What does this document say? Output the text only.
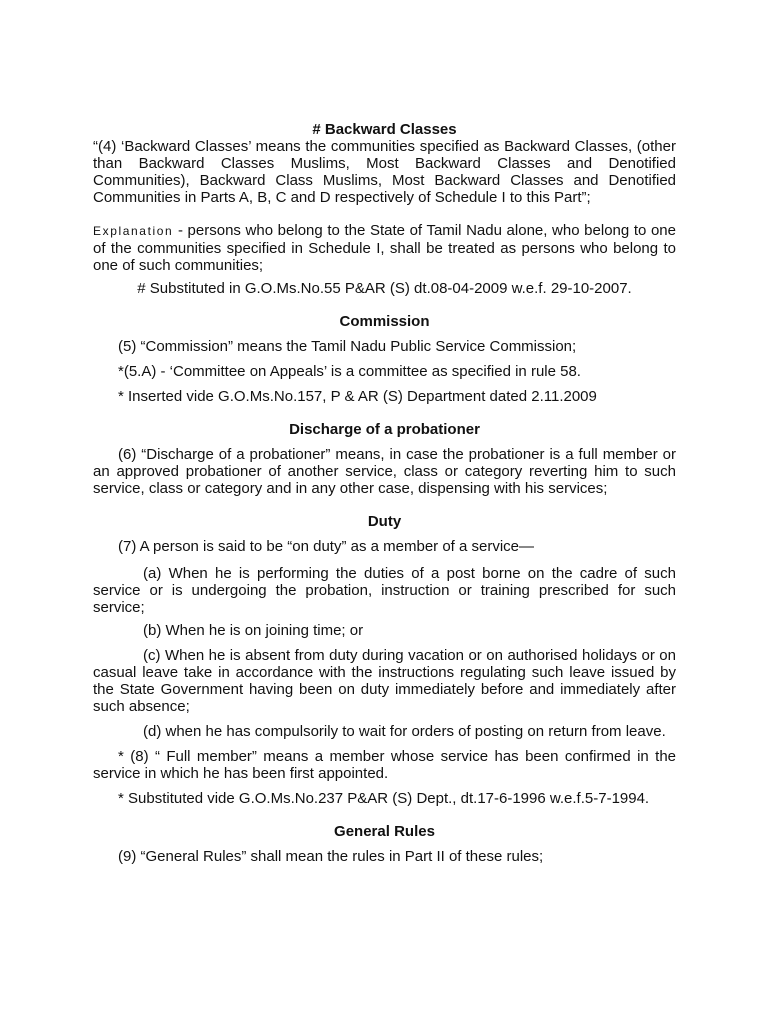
# Backward Classes

“(4) ‘Backward Classes’ means the communities specified as Backward Classes, (other than Backward Classes Muslims, Most Backward Classes and Denotified Communities), Backward Class Muslims, Most Backward Classes and Denotified Communities in Parts A, B, C and D respectively of Schedule I to this Part”;

Explanation - persons who belong to the State of Tamil Nadu alone, who belong to one of the communities specified in Schedule I, shall be treated as persons who belong to one of such communities;

# Substituted in G.O.Ms.No.55 P&AR (S) dt.08-04-2009 w.e.f. 29-10-2007.

Commission

(5) “Commission” means the Tamil Nadu Public Service Commission;

*(5.A) - ‘Committee on Appeals’ is a committee as specified in rule 58.

* Inserted vide G.O.Ms.No.157, P & AR (S) Department dated 2.11.2009

Discharge of a probationer

(6) “Discharge of a probationer” means, in case the probationer is a full member or an approved probationer of another service, class or category reverting him to such service, class or category and in any other case, dispensing with his services;

Duty

(7) A person is said to be “on duty” as a member of a service—

(a) When he is performing the duties of a post borne on the cadre of such service or is undergoing the probation, instruction or training prescribed for such service;

(b) When he is on joining time; or

(c) When he is absent from duty during vacation or on authorised holidays or on casual leave take in accordance with the instructions regulating such leave issued by the State Government having been on duty immediately before and immediately after such absence;

(d) when he has compulsorily to wait for orders of posting on return from leave.

* (8) “ Full member” means a member whose service has been confirmed in the service in which he has been first appointed.

* Substituted vide G.O.Ms.No.237 P&AR (S) Dept., dt.17-6-1996 w.e.f.5-7-1994.

General Rules

(9) “General Rules” shall mean the rules in Part II of these rules;
